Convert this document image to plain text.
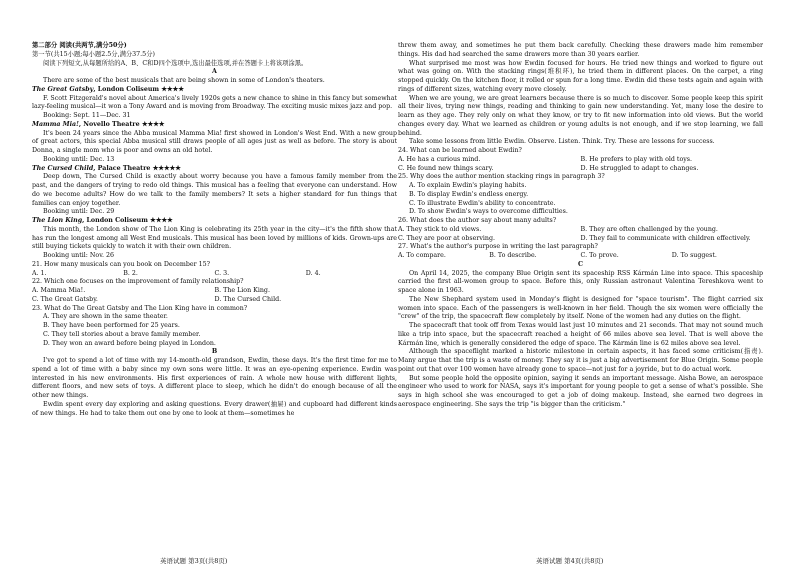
第二部分 阅读(共两节,满分50分)

第一节(共15小题;每小题2.5分,满分37.5分)

阅读下列短文,从每题所给的A、B、C和D四个选项中,选出最佳选项,并在答题卡上将该项涂黑。

A

There are some of the best musicals that are being shown in some of London's theaters.

The Great Gatsby, London Coliseum ★★★★

F. Scott Fitzgerald's novel about America's lively 1920s gets a new chance to shine in this fancy but somewhat lazy-feeling musical—it won a Tony Award and is moving from Broadway. The exciting music mixes jazz and pop.

Booking: Sept. 11—Dec. 31

Mamma Mia!, Novello Theatre ★★★★

It's been 24 years since the Abba musical Mamma Mia! first showed in London's West End. With a new group of great actors, this special Abba musical still draws people of all ages just as well as before. The story is about Donna, a single mom who is poor and owns an old hotel.

Booking until: Dec. 13

The Cursed Child, Palace Theatre ★★★★★

Deep down, The Cursed Child is exactly about worry because you have a famous family member from the past, and the dangers of trying to redo old things. This musical has a feeling that everyone can understand. How do we become adults? How do we talk to the family members? It sets a higher standard for fun things that families can enjoy together.

Booking until: Dec. 29

The Lion King, London Coliseum ★★★★

This month, the London show of The Lion King is celebrating its 25th year in the city—it's the fifth show that has run the longest among all West End musicals. This musical has been loved by millions of kids. Grown-ups are still buying tickets quickly to watch it with their own children.

Booking until: Nov. 26

21. How many musicals can you book on December 15?

A. 1.	B. 2.	C. 3.	D. 4.

22. Which one focuses on the improvement of family relationship?

A. Mamma Mia!.	B. The Lion King.
C. The Great Gatsby.	D. The Cursed Child.

23. What do The Great Gatsby and The Lion King have in common?

A. They are shown in the same theater.

B. They have been performed for 25 years.

C. They tell stories about a brave family member.

D. They won an award before being played in London.

B

I've got to spend a lot of time with my 14-month-old grandson, Ewdin, these days. It's the first time for me to spend a lot of time with a baby since my own sons were little. It was an eye-opening experience. Ewdin was interested in his new environments. His first experiences of rain. A whole new house with different lights, different floors, and new sets of toys. A different place to sleep, which he didn't do enough because of all the other new things.

Ewdin spent every day exploring and asking questions. Every drawer(抽屉) and cupboard had different kinds of new things. He had to take them out one by one to look at them—sometimes he

threw them away, and sometimes he put them back carefully. Checking these drawers made him remember things. His dad had searched the same drawers more than 30 years earlier.

What surprised me most was how Ewdin focused for hours. He tried new things and worked to figure out what was going on. With the stacking rings(堆积环), he tried them in different places. On the carpet, a ring stopped quickly. On the kitchen floor, it rolled or spun for a long time. Ewdin did these tests again and again with rings of different sizes, watching every move closely.

When we are young, we are great learners because there is so much to discover. Some people keep this spirit all their lives, trying new things, reading and thinking to gain new understanding. Yet, many lose the desire to learn as they age. They rely only on what they know, or try to fit new information into old views. But the world changes every day. What we learned as children or young adults is not enough, and if we stop learning, we fall behind.

Take some lessons from little Ewdin. Observe. Listen. Think. Try. These are lessons for success.

24. What can be learned about Ewdin?

A. He has a curious mind.	B. He prefers to play with old toys.
C. He found new things scary.	D. He struggled to adapt to changes.

25. Why does the author mention stacking rings in paragraph 3?

A. To explain Ewdin's playing habits.

B. To display Ewdin's endless energy.

C. To illustrate Ewdin's ability to concentrate.

D. To show Ewdin's ways to overcome difficulties.

26. What does the author say about many adults?

A. They stick to old views.	B. They are often challenged by the young.
C. They are poor at observing.	D. They fail to communicate with children effectively.

27. What's the author's purpose in writing the last paragraph?

A. To compare.	B. To describe.	C. To prove.	D. To suggest.

C

On April 14, 2025, the company Blue Origin sent its spaceship RSS Kármán Line into space. This spaceship carried the first all-women group to space. Before this, only Russian astronaut Valentina Tereshkova went to space alone in 1963.

The New Shephard system used in Monday's flight is designed for "space tourism". The flight carried six women into space. Each of the passengers is well-known in her field. Though the six women were officially the "crew" of the trip, the spacecraft flew completely by itself. None of the women had any duties on the flight.

The spacecraft that took off from Texas would last just 10 minutes and 21 seconds. That may not sound much like a trip into space, but the spacecraft reached a height of 66 miles above sea level. That is well above the Kármán line, which is generally considered the edge of space. The Kármán line is 62 miles above sea level.

Although the spaceflight marked a historic milestone in certain aspects, it has faced some criticism(指责). Many argue that the trip is a waste of money. They say it is just a big advertisement for Blue Origin. Some people point out that over 100 women have already gone to space—not just for a joyride, but to do actual work.

But some people hold the opposite opinion, saying it sends an important message. Aisha Bowe, an aerospace engineer who used to work for NASA, says it's important for young people to get a sense of what's possible. She says in high school she was encouraged to get a job of doing makeup. Instead, she earned two degrees in aerospace engineering. She says the trip "is bigger than the criticism."

英语试题 第3页(共8页)	英语试题 第4页(共8页)
